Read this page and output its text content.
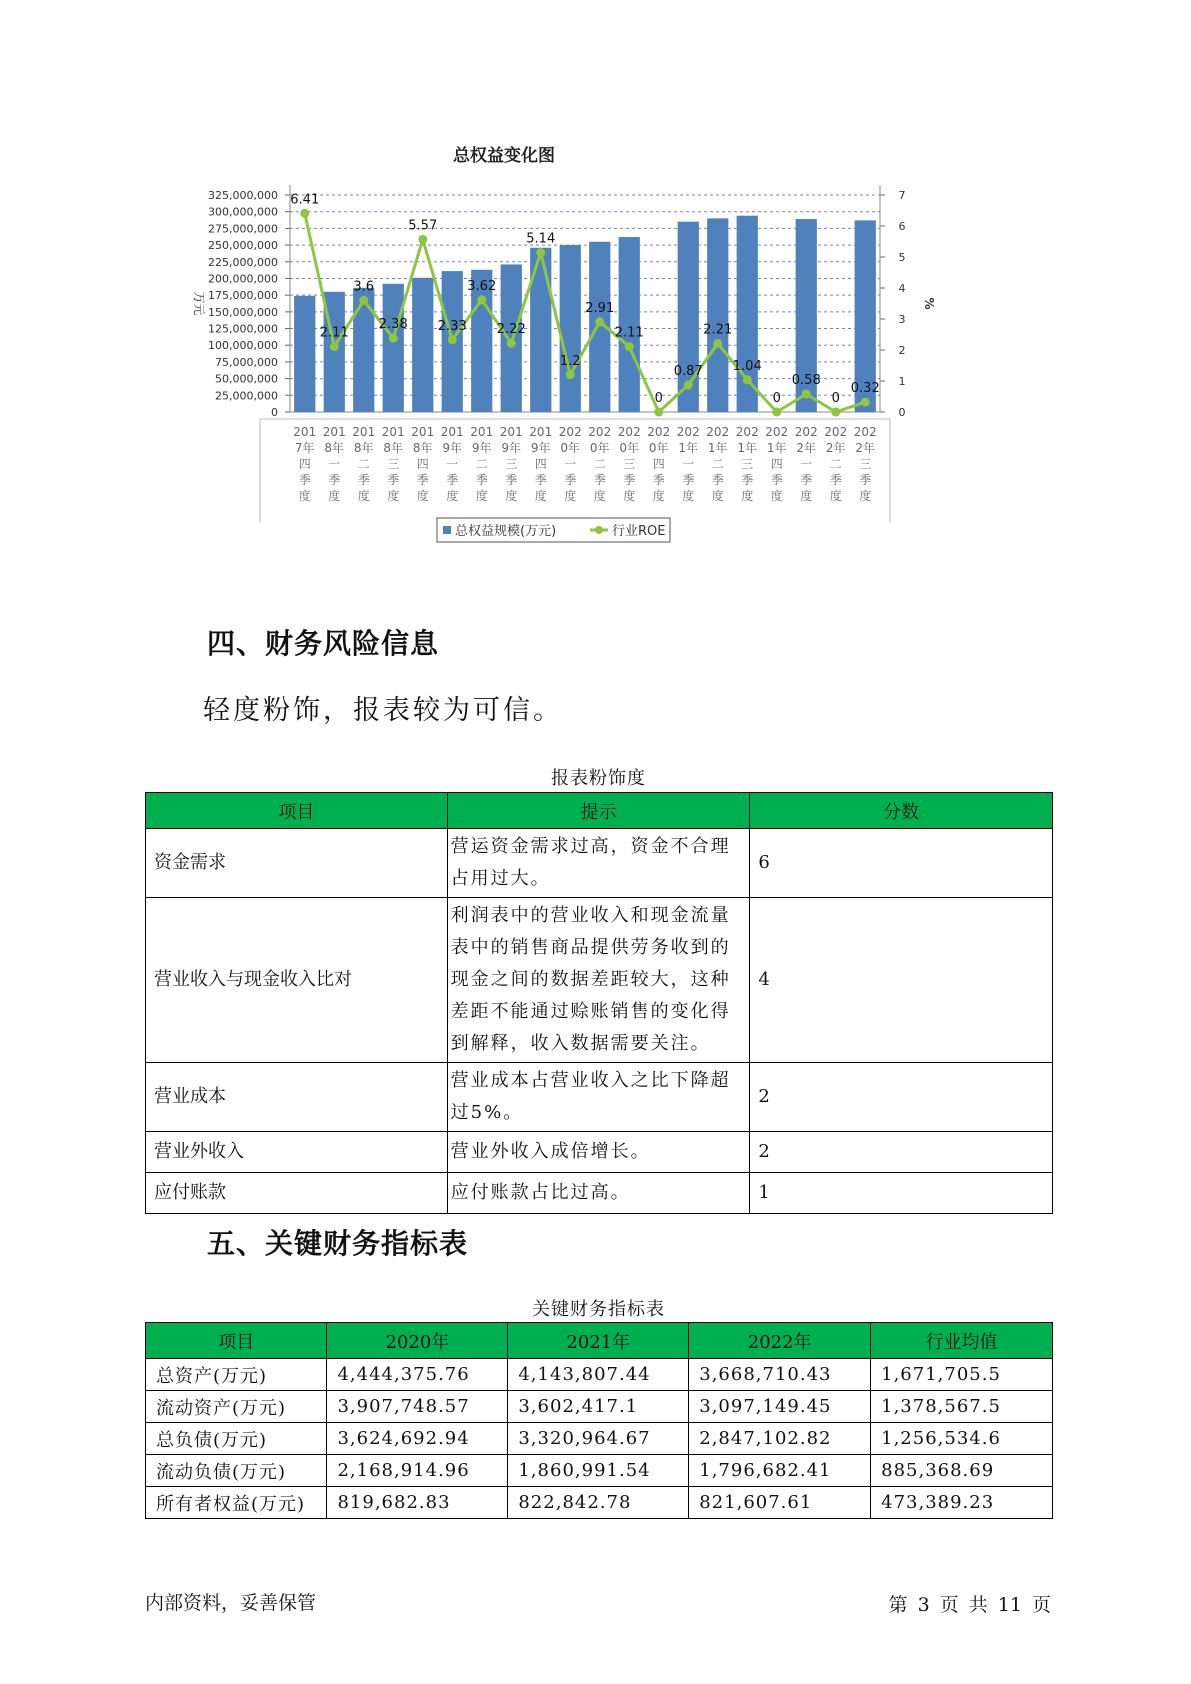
总权益变化图
325,000,000
300,000,000
275,000,000
250,000,000
225,000,000
200,000,000
175,000,000
150,000,000
125,000,000
100,000,000
75,000,000
50,000,000
25,000,000
0
7
6
5
4
3
2
1
0
万元	%
6.41
2.11
3.6
2.38
5.57
2.33
3.62
2.22
5.14
1.2
2.91
2.11
0
0.87
2.21
1.04
0
0.58
0
0.32
201
7年
四
季
度
201
8年
一
季
度
201
8年
二
季
度
201
8年
三
季
度
201
8年
四
季
度
201
9年
一
季
度
201
9年
二
季
度
201
9年
三
季
度
201
9年
四
季
度
202
0年
一
季
度
202
0年
二
季
度
202
0年
三
季
度
202
0年
四
季
度
202
1年
一
季
度
202
1年
二
季
度
202
1年
三
季
度
202
1年
四
季
度
202
2年
一
季
度
202
2年
二
季
度
202
2年
三
季
度
总权益规模(万元)	行业ROE
四、财务风险信息
轻度粉饰，报表较为可信。
报表粉饰度
项目	提示	分数
资金需求	营运资金需求过高，资金不合理占用过大。	6
营业收入与现金收入比对	利润表中的营业收入和现金流量表中的销售商品提供劳务收到的现金之间的数据差距较大，这种差距不能通过赊账销售的变化得到解释，收入数据需要关注。	4
营业成本	营业成本占营业收入之比下降超过5%。	2
营业外收入	营业外收入成倍增长。	2
应付账款	应付账款占比过高。	1
五、关键财务指标表
关键财务指标表
项目	2020年	2021年	2022年	行业均值
总资产(万元)	4,444,375.76	4,143,807.44	3,668,710.43	1,671,705.5
流动资产(万元)	3,907,748.57	3,602,417.1	3,097,149.45	1,378,567.5
总负债(万元)	3,624,692.94	3,320,964.67	2,847,102.82	1,256,534.6
流动负债(万元)	2,168,914.96	1,860,991.54	1,796,682.41	885,368.69
所有者权益(万元)	819,682.83	822,842.78	821,607.61	473,389.23
内部资料，妥善保管	第 3 页 共 11 页
